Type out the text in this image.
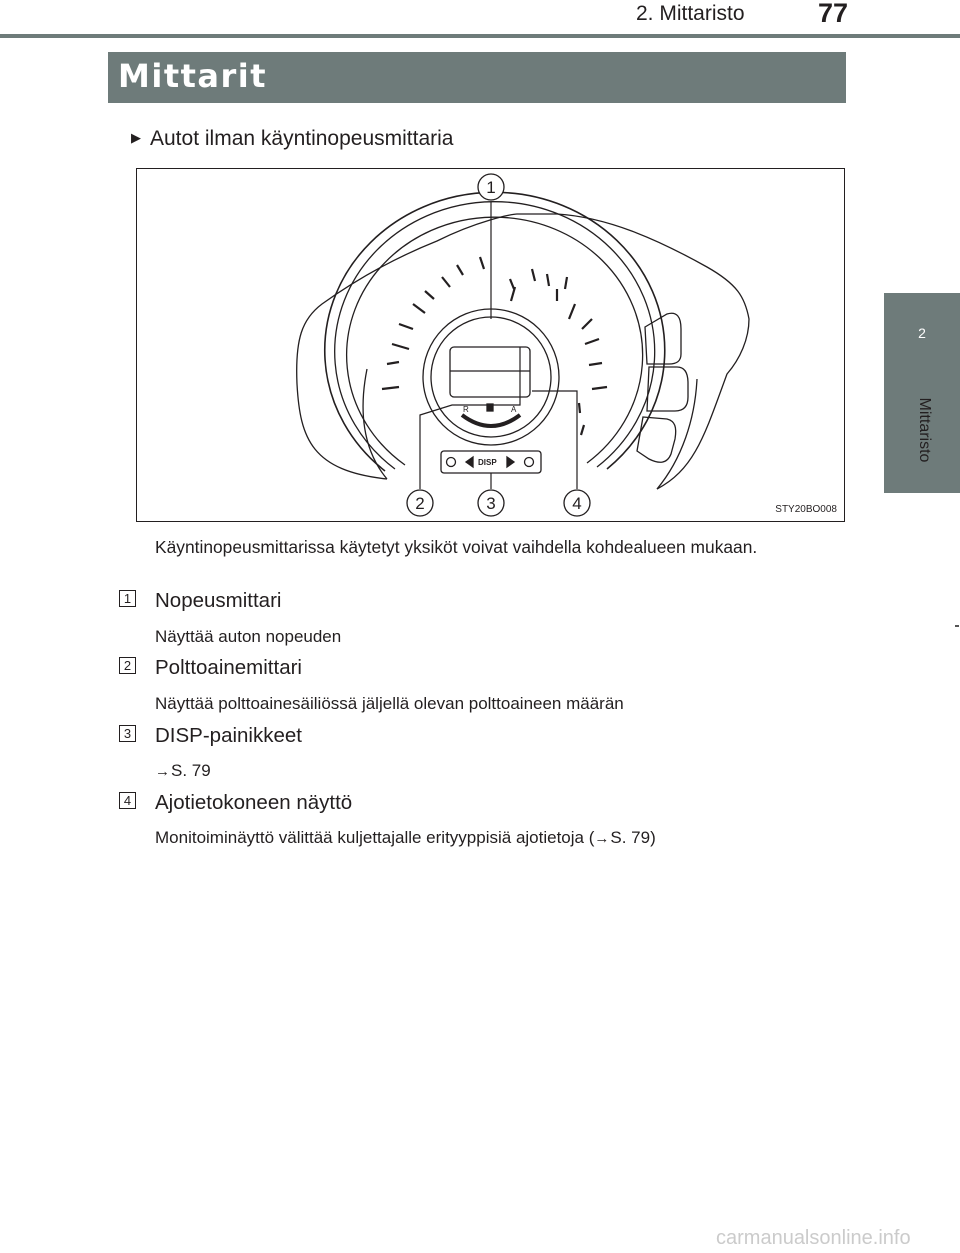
2. Mittaristo	77
2
Mittaristo
Mittarit
▶ Autot ilman käyntinopeusmittaria
R	A
DISP
1
2	3	4	STY20BO008
Käyntinopeusmittarissa käytetyt yksiköt voivat vaihdella kohdealueen mukaan.
1 Nopeusmittari
Näyttää auton nopeuden
2 Polttoainemittari
Näyttää polttoainesäiliössä jäljellä olevan polttoaineen määrän
3 DISP-painikkeet
→S. 79
4 Ajotietokoneen näyttö
Monitoiminäyttö välittää kuljettajalle erityyppisiä ajotietoja (→S. 79)
carmanualsonline.info
